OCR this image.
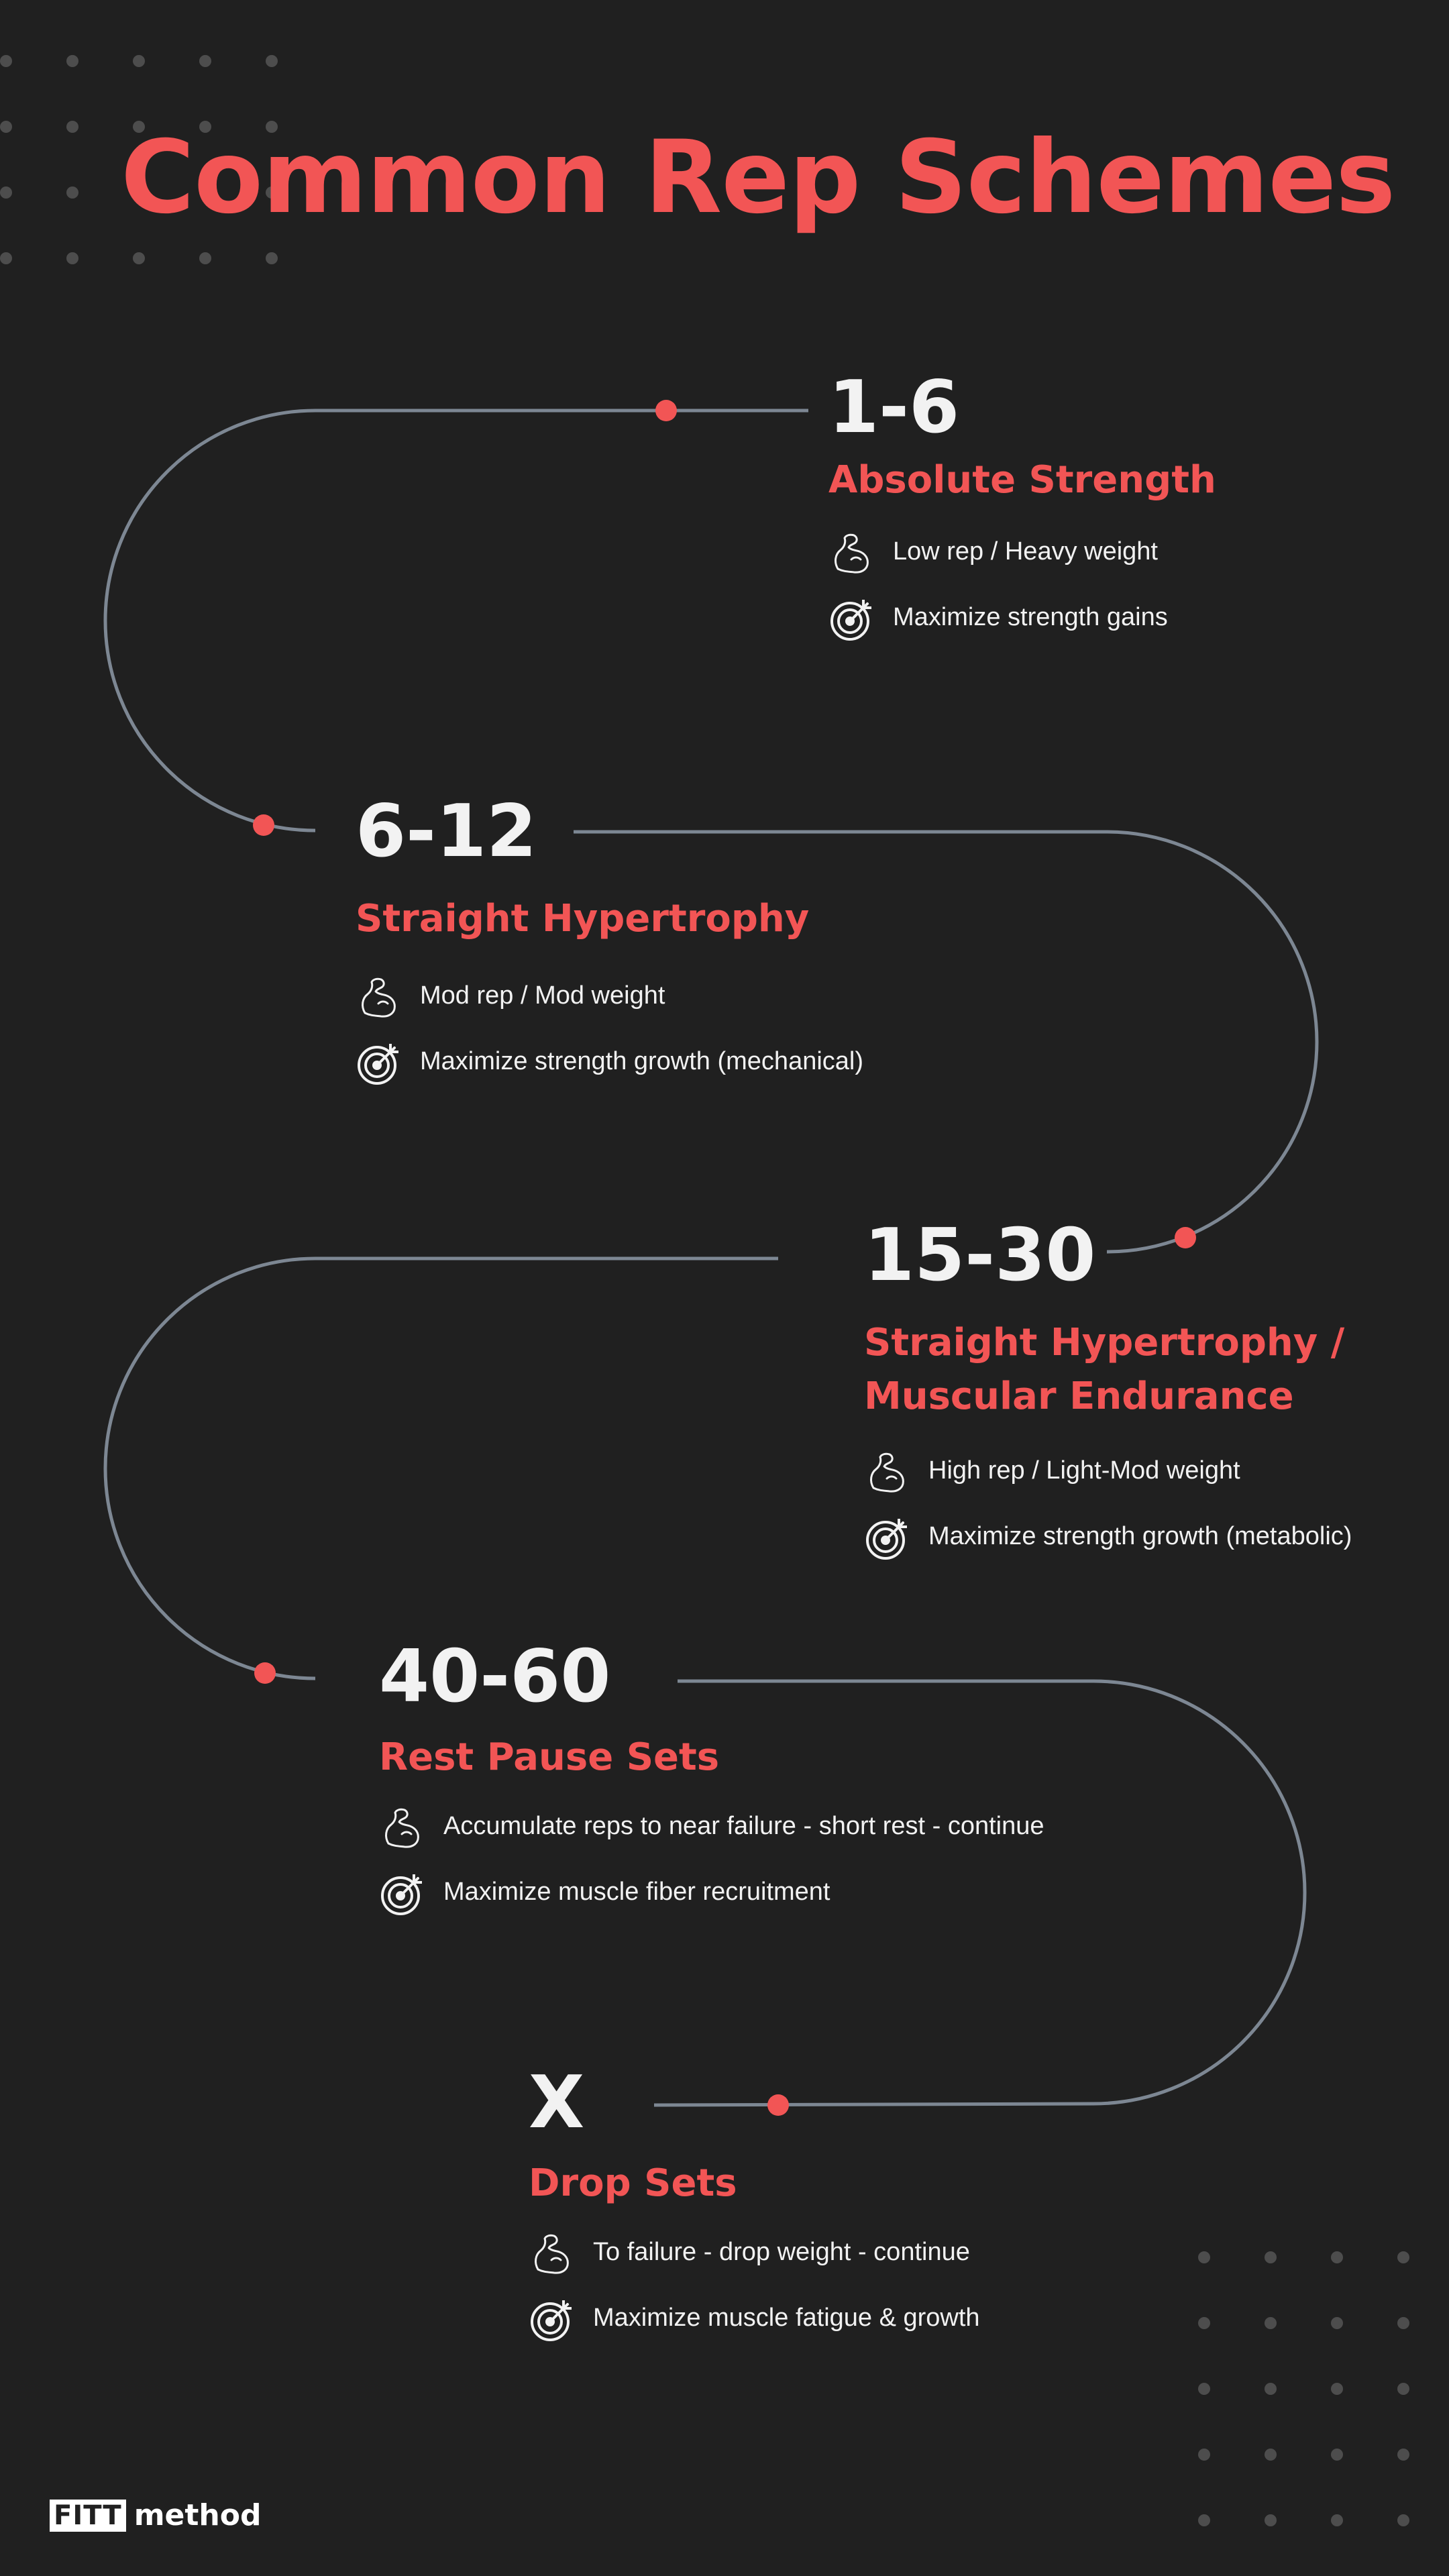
Common Rep Schemes
1-6
Absolute Strength
Low rep / Heavy weight
Maximize strength gains
6-12
Straight Hypertrophy
Mod rep / Mod weight
Maximize strength growth (mechanical)
15-30
Straight Hypertrophy /
Muscular Endurance
High rep / Light-Mod weight
Maximize strength growth (metabolic)
40-60
Rest Pause Sets
Accumulate reps to near failure - short rest - continue
Maximize muscle fiber recruitment
X
Drop Sets
To failure - drop weight - continue
Maximize muscle fatigue & growth
FITT method
